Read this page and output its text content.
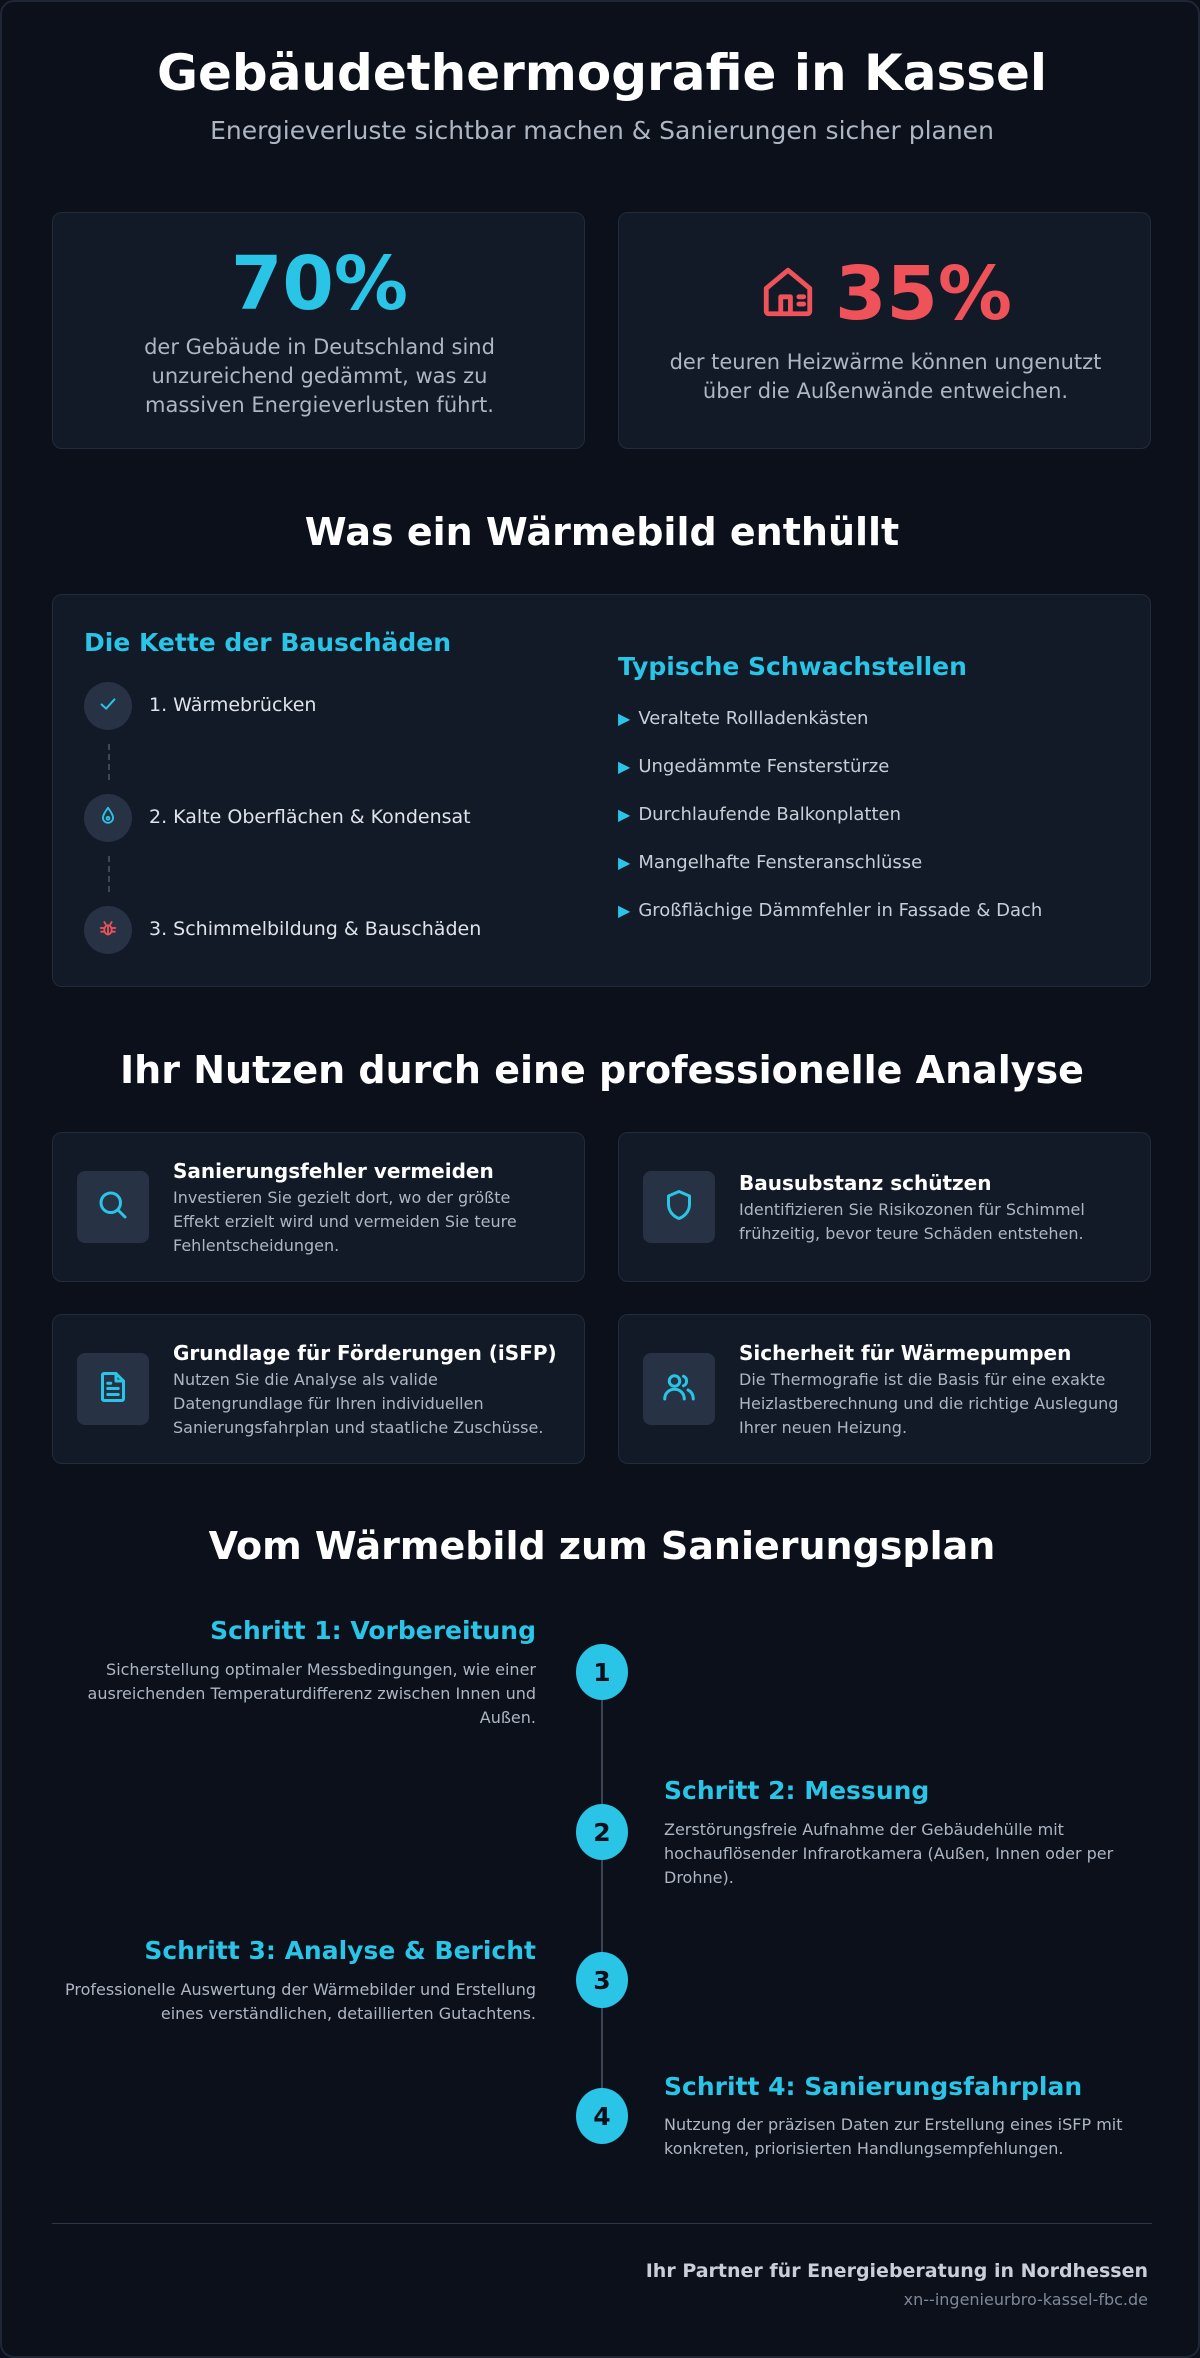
Gebäudethermografie in Kassel
Energieverluste sichtbar machen & Sanierungen sicher planen
70%
der Gebäude in Deutschland sind unzureichend gedämmt, was zu massiven Energieverlusten führt.
35%
der teuren Heizwärme können ungenutzt über die Außenwände entweichen.
Was ein Wärmebild enthüllt
Die Kette der Bauschäden
1. Wärmebrücken
2. Kalte Oberflächen & Kondensat
3. Schimmelbildung & Bauschäden
Typische Schwachstellen
▶ Veraltete Rollladenkästen
▶ Ungedämmte Fensterstürze
▶ Durchlaufende Balkonplatten
▶ Mangelhafte Fensteranschlüsse
▶ Großflächige Dämmfehler in Fassade & Dach
Ihr Nutzen durch eine professionelle Analyse
Sanierungsfehler vermeiden
Investieren Sie gezielt dort, wo der größte
Effekt erzielt wird und vermeiden Sie teure
Fehlentscheidungen.
Bausubstanz schützen
Identifizieren Sie Risikozonen für Schimmel
frühzeitig, bevor teure Schäden entstehen.
Grundlage für Förderungen (iSFP)
Nutzen Sie die Analyse als valide
Datengrundlage für Ihren individuellen
Sanierungsfahrplan und staatliche Zuschüsse.
Sicherheit für Wärmepumpen
Die Thermografie ist die Basis für eine exakte
Heizlastberechnung und die richtige Auslegung
Ihrer neuen Heizung.
Vom Wärmebild zum Sanierungsplan
Schritt 1: Vorbereitung
Sicherstellung optimaler Messbedingungen, wie einer
ausreichenden Temperaturdifferenz zwischen Innen und
Außen.
1
2
Schritt 2: Messung
Zerstörungsfreie Aufnahme der Gebäudehülle mit
hochauflösender Infrarotkamera (Außen, Innen oder per
Drohne).
Schritt 3: Analyse & Bericht
Professionelle Auswertung der Wärmebilder und Erstellung
eines verständlichen, detaillierten Gutachtens.
3
4
Schritt 4: Sanierungsfahrplan
Nutzung der präzisen Daten zur Erstellung eines iSFP mit
konkreten, priorisierten Handlungsempfehlungen.
Ihr Partner für Energieberatung in Nordhessen
xn--ingenieurbro-kassel-fbc.de
